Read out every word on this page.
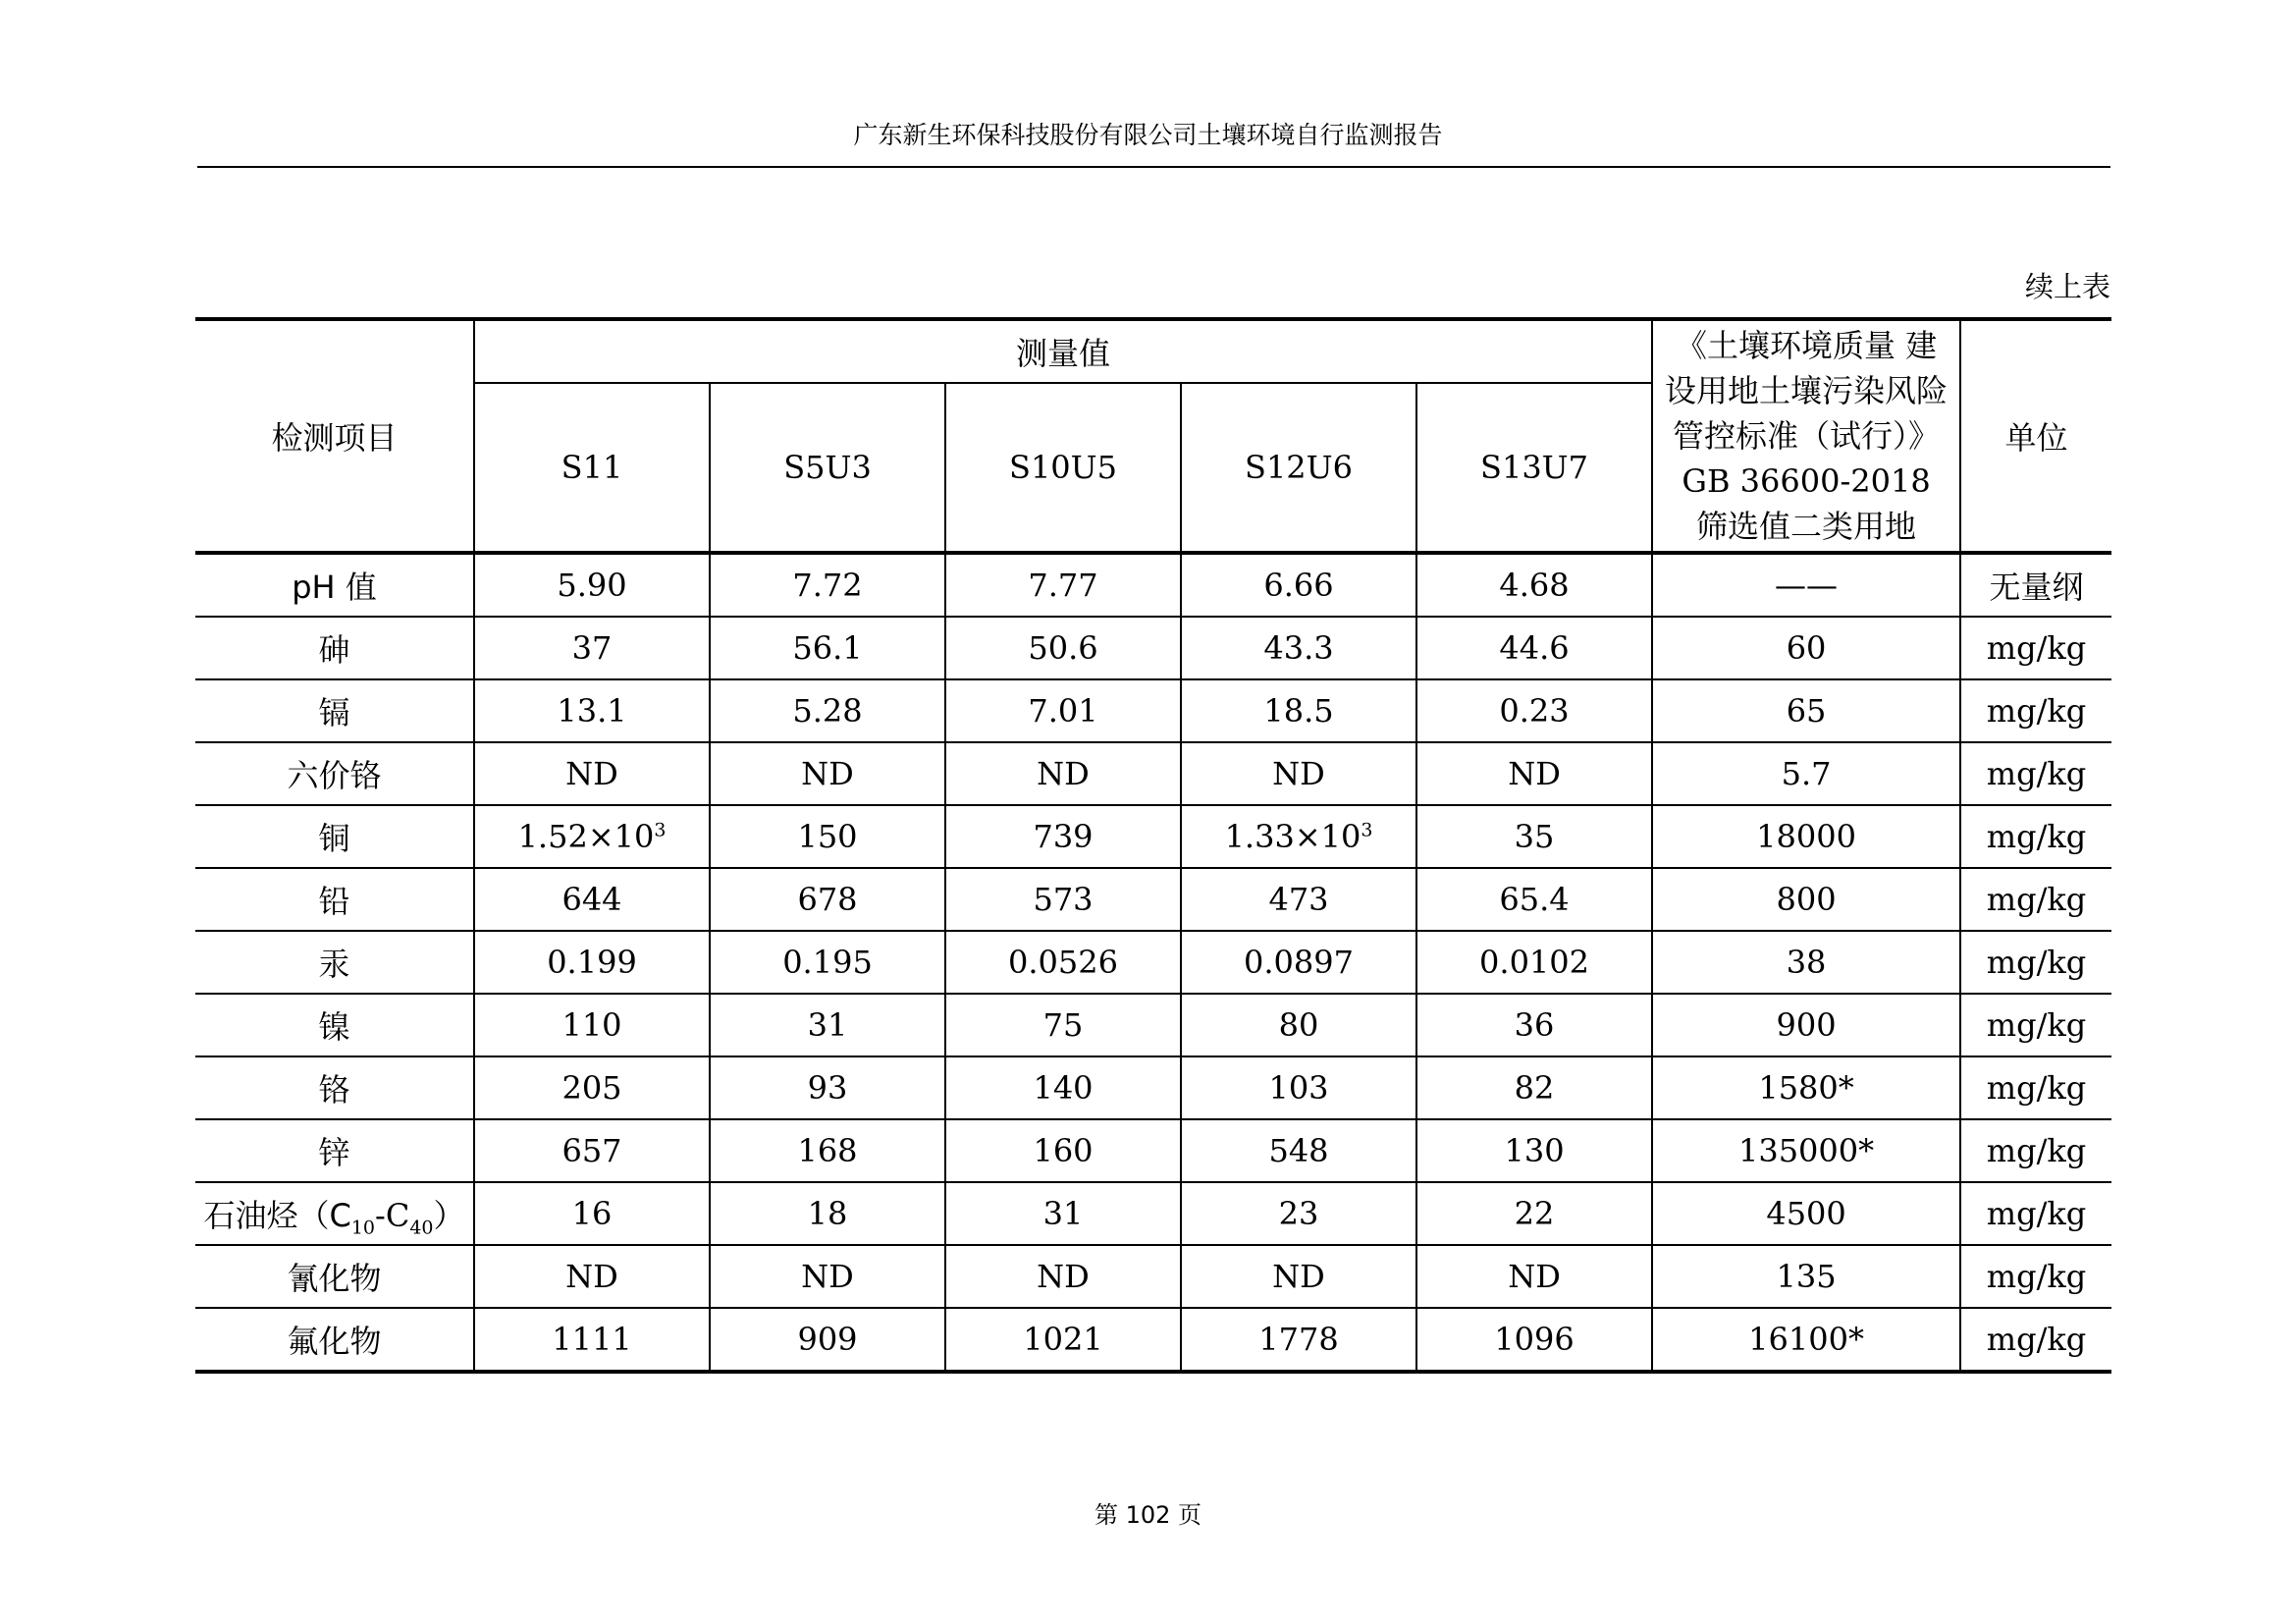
广东新生环保科技股份有限公司土壤环境自行监测报告
续上表
检测项目	测量值					《土壤环境质量 建
设用地土壤污染风险
管控标准（试行）》
GB 36600-2018
筛选值二类用地	单位
	S11	S5U3	S10U5	S12U6	S13U7		
pH 值	5.90	7.72	7.77	6.66	4.68	——	无量纲
砷	37	56.1	50.6	43.3	44.6	60	mg/kg
镉	13.1	5.28	7.01	18.5	0.23	65	mg/kg
六价铬	ND	ND	ND	ND	ND	5.7	mg/kg
铜	$1.52\times 10^3$	150	739	$1.33\times 10^3$	35	18000	mg/kg
铅	644	678	573	473	65.4	800	mg/kg
汞	0.199	0.195	0.0526	0.0897	0.0102	38	mg/kg
镍	110	31	75	80	36	900	mg/kg
铬	205	93	140	103	82	1580*	mg/kg
锌	657	168	160	548	130	135000*	mg/kg
石油烃$(C_{10}-C_{40})$	16	18	31	23	22	4500	mg/kg
氰化物	ND	ND	ND	ND	ND	135	mg/kg
氟化物	1111	909	1021	1778	1096	16100*	mg/kg
第 102 页
